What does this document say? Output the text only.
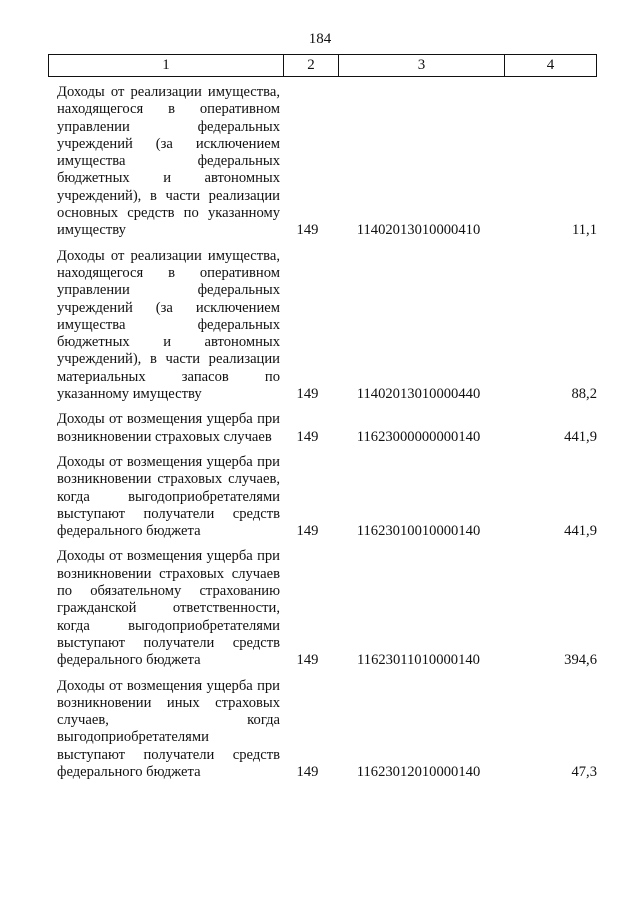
184
1	2	3	4
Доходы от реализации имущества, находящегося в оперативном управлении федеральных учреждений (за исключением имущества федеральных бюджетных и автономных учреждений), в части реализации основных средств по указанному имуществу	149	11402013010000410	11,1
Доходы от реализации имущества, находящегося в оперативном управлении федеральных учреждений (за исключением имущества федеральных бюджетных и автономных учреждений), в части реализации материальных запасов по указанному имуществу	149	11402013010000440	88,2
Доходы от возмещения ущерба при возникновении страховых случаев	149	11623000000000140	441,9
Доходы от возмещения ущерба при возникновении страховых случаев, когда выгодоприобретателями выступают получатели средств федерального бюджета	149	11623010010000140	441,9
Доходы от возмещения ущерба при возникновении страховых случаев по обязательному страхованию гражданской ответственности, когда выгодоприобретателями выступают получатели средств федерального бюджета	149	11623011010000140	394,6
Доходы от возмещения ущерба при возникновении иных страховых случаев, когда выгодоприобретателями выступают получатели средств федерального бюджета	149	11623012010000140	47,3
